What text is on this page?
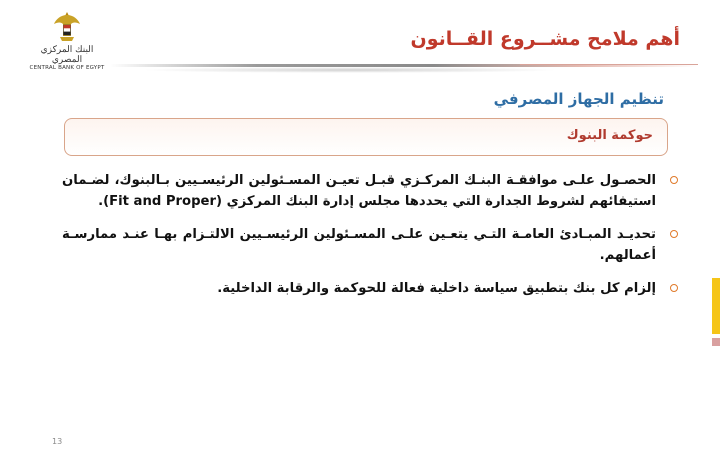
البنك المركزي المصري
CENTRAL BANK OF EGYPT
أهم ملامح مشــروع القــانون
تنظيم الجهاز المصرفي
حوكمة البنوك
الحصـول علـى موافقـة البنـك المركـزي قبـل تعيـن المسـئولين الرئيسـيين بـالبنوك، لضـمان استيفائهم لشروط الجدارة التي يحددها مجلس إدارة البنك المركزي (Fit and Proper).
تحديـد المبـادئ العامـة التـي يتعـين علـى المسـئولين الرئيسـيين الالتـزام بهـا عنـد ممارسـة أعمالهم.
إلزام كل بنك بتطبيق سياسة داخلية فعالة للحوكمة والرقابة الداخلية.
13
